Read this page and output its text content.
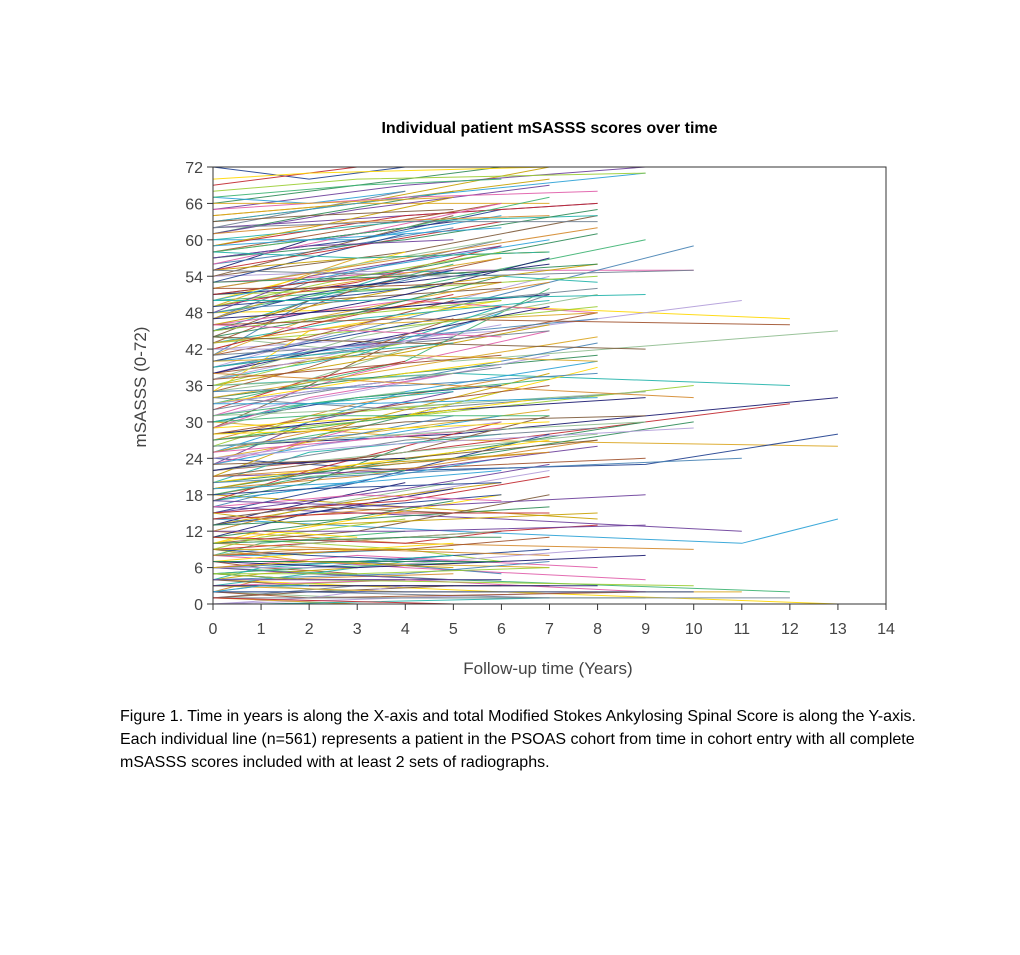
Individual patient mSASSS scores over time
0 1 2 3 4 5 6 7 8 9 10 11 12 13 14
0
6
12
18
24
30
36
42
48
54
60
66
72
Follow-up time (Years)
mSASSS (0-72)
Figure 1. Time in years is along the X-axis and total Modified Stokes Ankylosing Spinal Score is along the Y-axis. Each individual line (n=561) represents a patient in the PSOAS cohort from time in cohort entry with all complete mSASSS scores included with at least 2 sets of radiographs.
